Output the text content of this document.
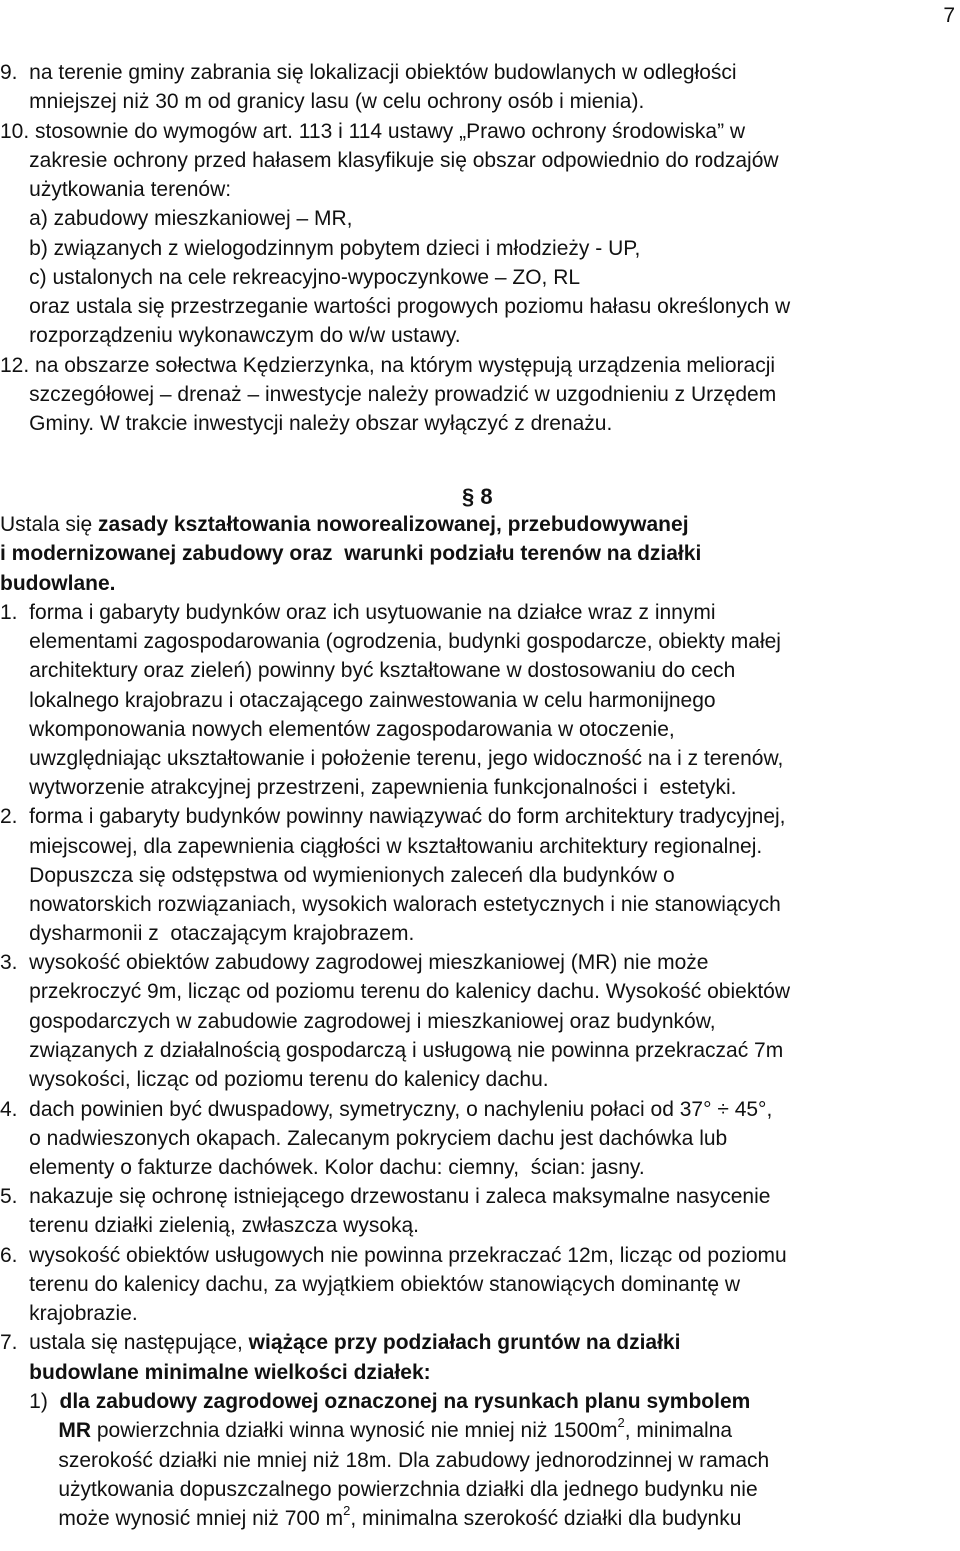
7
§ 8
9.  na terenie gminy zabrania się lokalizacji obiektów budowlanych w odległości
mniejszej niż 30 m od granicy lasu (w celu ochrony osób i mienia).
10. stosownie do wymogów art. 113 i 114 ustawy „Prawo ochrony środowiska” w
zakresie ochrony przed hałasem klasyfikuje się obszar odpowiednio do rodzajów
użytkowania terenów:
a) zabudowy mieszkaniowej – MR,
b) związanych z wielogodzinnym pobytem dzieci i młodzieży - UP,
c) ustalonych na cele rekreacyjno-wypoczynkowe – ZO, RL
oraz ustala się przestrzeganie wartości progowych poziomu hałasu określonych w
rozporządzeniu wykonawczym do w/w ustawy.
12. na obszarze sołectwa Kędzierzynka, na którym występują urządzenia melioracji
szczegółowej – drenaż – inwestycje należy prowadzić w uzgodnieniu z Urzędem
Gminy. W trakcie inwestycji należy obszar wyłączyć z drenażu.
Ustala się zasady kształtowania noworealizowanej, przebudowywanej
i modernizowanej zabudowy oraz  warunki podziału terenów na działki
budowlane.
1.  forma i gabaryty budynków oraz ich usytuowanie na działce wraz z innymi
elementami zagospodarowania (ogrodzenia, budynki gospodarcze, obiekty małej
architektury oraz zieleń) powinny być kształtowane w dostosowaniu do cech
lokalnego krajobrazu i otaczającego zainwestowania w celu harmonijnego
wkomponowania nowych elementów zagospodarowania w otoczenie,
uwzględniając ukształtowanie i położenie terenu, jego widoczność na i z terenów,
wytworzenie atrakcyjnej przestrzeni, zapewnienia funkcjonalności i  estetyki.
2.  forma i gabaryty budynków powinny nawiązywać do form architektury tradycyjnej,
miejscowej, dla zapewnienia ciągłości w kształtowaniu architektury regionalnej.
Dopuszcza się odstępstwa od wymienionych zaleceń dla budynków o
nowatorskich rozwiązaniach, wysokich walorach estetycznych i nie stanowiących
dysharmonii z  otaczającym krajobrazem.
3.  wysokość obiektów zabudowy zagrodowej mieszkaniowej (MR) nie może
przekroczyć 9m, licząc od poziomu terenu do kalenicy dachu. Wysokość obiektów
gospodarczych w zabudowie zagrodowej i mieszkaniowej oraz budynków,
związanych z działalnością gospodarczą i usługową nie powinna przekraczać 7m
wysokości, licząc od poziomu terenu do kalenicy dachu.
4.  dach powinien być dwuspadowy, symetryczny, o nachyleniu połaci od 37° ÷ 45°,
o nadwieszonych okapach. Zalecanym pokryciem dachu jest dachówka lub
elementy o fakturze dachówek. Kolor dachu: ciemny,  ścian: jasny.
5.  nakazuje się ochronę istniejącego drzewostanu i zaleca maksymalne nasycenie
terenu działki zielenią, zwłaszcza wysoką.
6.  wysokość obiektów usługowych nie powinna przekraczać 12m, licząc od poziomu
terenu do kalenicy dachu, za wyjątkiem obiektów stanowiących dominantę w
krajobrazie.
7.  ustala się następujące, wiążące przy podziałach gruntów na działki
budowlane minimalne wielkości działek:
1)  dla zabudowy zagrodowej oznaczonej na rysunkach planu symbolem
MR powierzchnia działki winna wynosić nie mniej niż $1500m^2$, minimalna
szerokość działki nie mniej niż 18m. Dla zabudowy jednorodzinnej w ramach
użytkowania dopuszczalnego powierzchnia działki dla jednego budynku nie
może wynosić mniej niż 700 $m^2$, minimalna szerokość działki dla budynku
